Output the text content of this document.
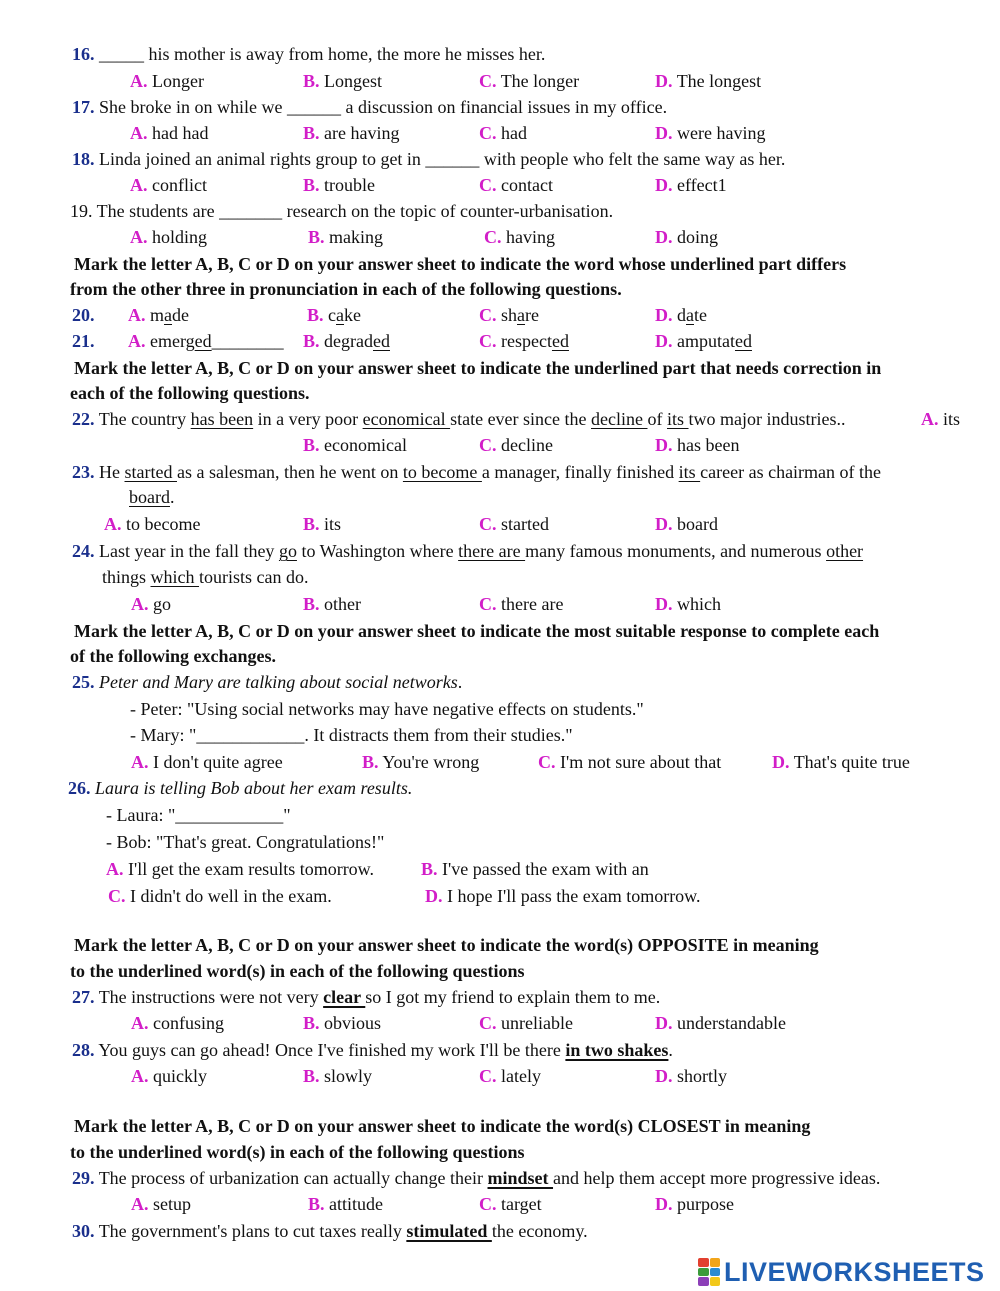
16. _____ his mother is away from home, the more he misses her.
A. Longer	B. Longest	C. The longer	D. The longest
17. She broke in on while we ______ a discussion on financial issues in my office.
A. had had	B. are having	C. had	D. were having
18. Linda joined an animal rights group to get in ______ with people who felt the same way as her.
A. conflict	B. trouble	C. contact	D. effect1
19. The students are _______ research on the topic of counter-urbanisation.
A. holding	B. making	C. having	D. doing
Mark the letter A, B, C or D on your answer sheet to indicate the word whose underlined part differs
from the other three in pronunciation in each of the following questions.
20. A. made	B. cake	C. share	D. date
21. A. emerged________ B. degraded	C. respected	D. amputated
Mark the letter A, B, C or D on your answer sheet to indicate the underlined part that needs correction in
each of the following questions.
22. The country has been in a very poor economical state ever since the decline of its two major industries..	A. its
B. economical	C. decline	D. has been
23. He started as a salesman, then he went on to become a manager, finally finished its career as chairman of the
board.
A. to become	B. its	C. started	D. board
24. Last year in the fall they go to Washington where there are many famous monuments, and numerous other
things which tourists can do.
A. go	B. other	C. there are	D. which
Mark the letter A, B, C or D on your answer sheet to indicate the most suitable response to complete each
of the following exchanges.
25. Peter and Mary are talking about social networks.
- Peter: "Using social networks may have negative effects on students."
- Mary: "____________. It distracts them from their studies."
A. I don't quite agree	B. You're wrong	C. I'm not sure about that	D. That's quite true
26. Laura is telling Bob about her exam results.
- Laura: "____________"
- Bob: "That's great. Congratulations!"
A. I'll get the exam results tomorrow.	B. I've passed the exam with an
C. I didn't do well in the exam.	D. I hope I'll pass the exam tomorrow.
Mark the letter A, B, C or D on your answer sheet to indicate the word(s) OPPOSITE in meaning
to the underlined word(s) in each of the following questions
27. The instructions were not very clear so I got my friend to explain them to me.
A. confusing	B. obvious	C. unreliable	D. understandable
28. You guys can go ahead! Once I've finished my work I'll be there in two shakes.
A. quickly	B. slowly	C. lately	D. shortly
Mark the letter A, B, C or D on your answer sheet to indicate the word(s) CLOSEST in meaning
to the underlined word(s) in each of the following questions
29. The process of urbanization can actually change their mindset and help them accept more progressive ideas.
A. setup	B. attitude	C. target	D. purpose
30. The government's plans to cut taxes really stimulated the economy.
LIVEWORKSHEETS
